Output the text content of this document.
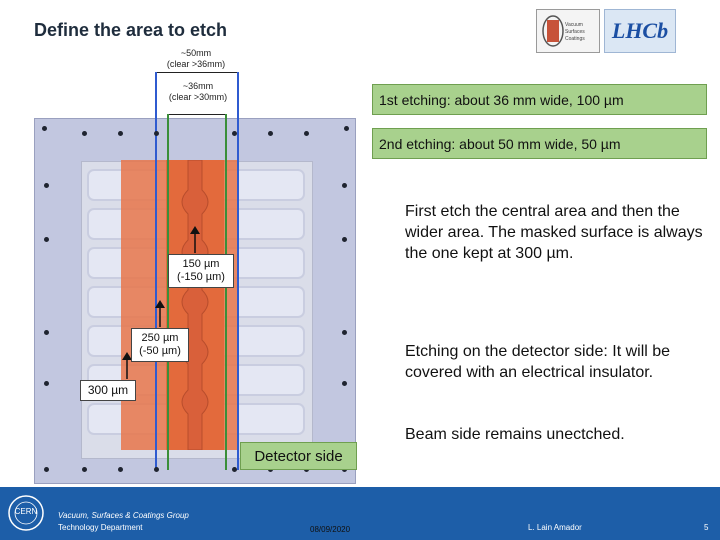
Define the area to etch	Vacuum
Surfaces
Coatings	LHCb
~50mm
(clear >36mm)
~36mm
(clear >30mm)
150 µm
(-150 µm)
250 µm
(-50 µm)
300 µm
Detector side
1st etching: about 36 mm wide, 100 µm
2nd etching: about 50 mm wide, 50 µm
First etch the central area and then the wider area. The masked surface is always the one kept at 300 µm.
Etching on the detector side: It will be covered with an electrical insulator.
Beam side remains unectched.
CERN	Vacuum, Surfaces & Coatings Group
Technology Department	08/09/2020	L. Lain Amador	5
